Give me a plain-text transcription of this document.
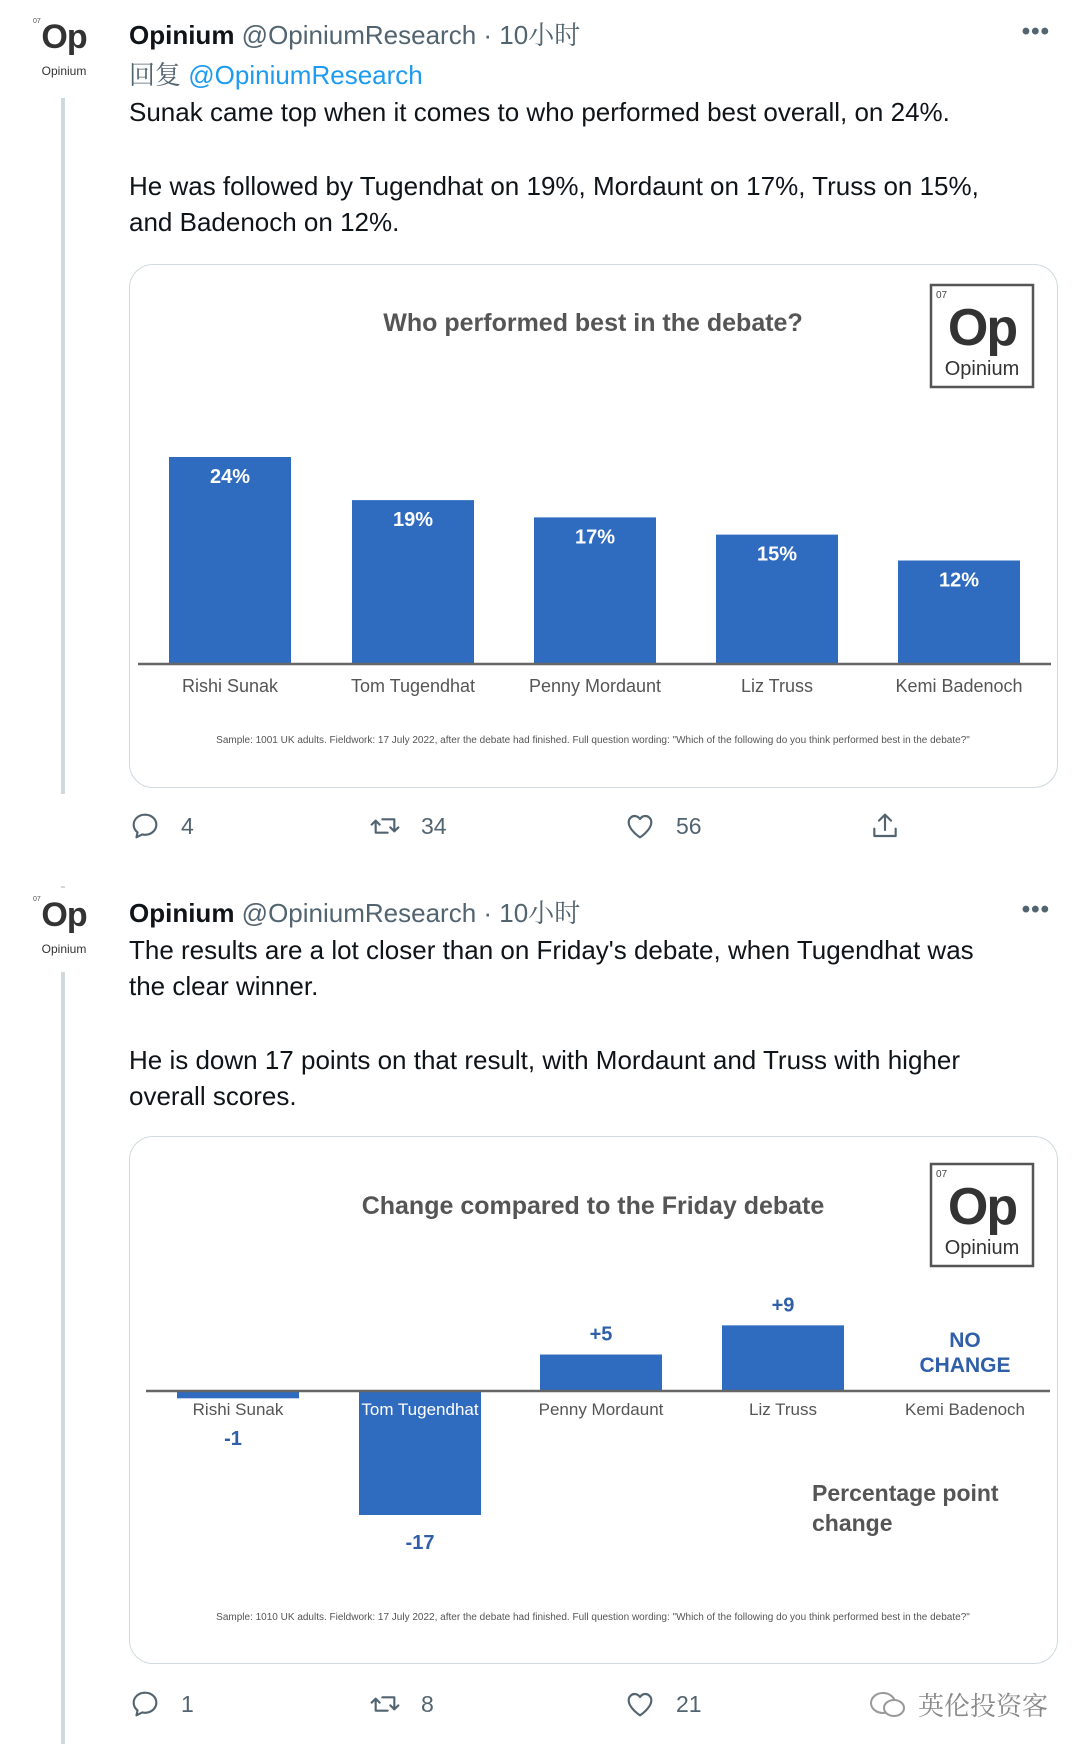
07 Op
Opinium
Opinium @OpiniumResearch · 10小时	•••
回复 @OpiniumResearch

Sunak came top when it comes to who performed best overall, on 24%.

He was followed by Tugendhat on 19%, Mordaunt on 17%, Truss on 15%,

and Badenoch on 12%.

Who performed best in the debate?
07
Op
Opinium
24%
Rishi Sunak
19%
Tom Tugendhat
17%
Penny Mordaunt
15%
Liz Truss
12%
Kemi Badenoch
Sample: 1001 UK adults. Fieldwork: 17 July 2022, after the debate had finished. Full question wording: "Which of the following do you think performed best in the debate?"
4	34	56
07 Op
Opinium
Opinium @OpiniumResearch · 10小时	•••

The results are a lot closer than on Friday's debate, when Tugendhat was

the clear winner.

He is down 17 points on that result, with Mordaunt and Truss with higher

overall scores.

Change compared to the Friday debate
07
Op
Opinium
-1
Rishi Sunak
-17
Tom Tugendhat
+5
Penny Mordaunt
+9
Liz Truss
NO CHANGE
Kemi Badenoch
Percentage point change
Sample: 1010 UK adults. Fieldwork: 17 July 2022, after the debate had finished. Full question wording: "Which of the following do you think performed best in the debate?"
1	8	21	英伦投资客
